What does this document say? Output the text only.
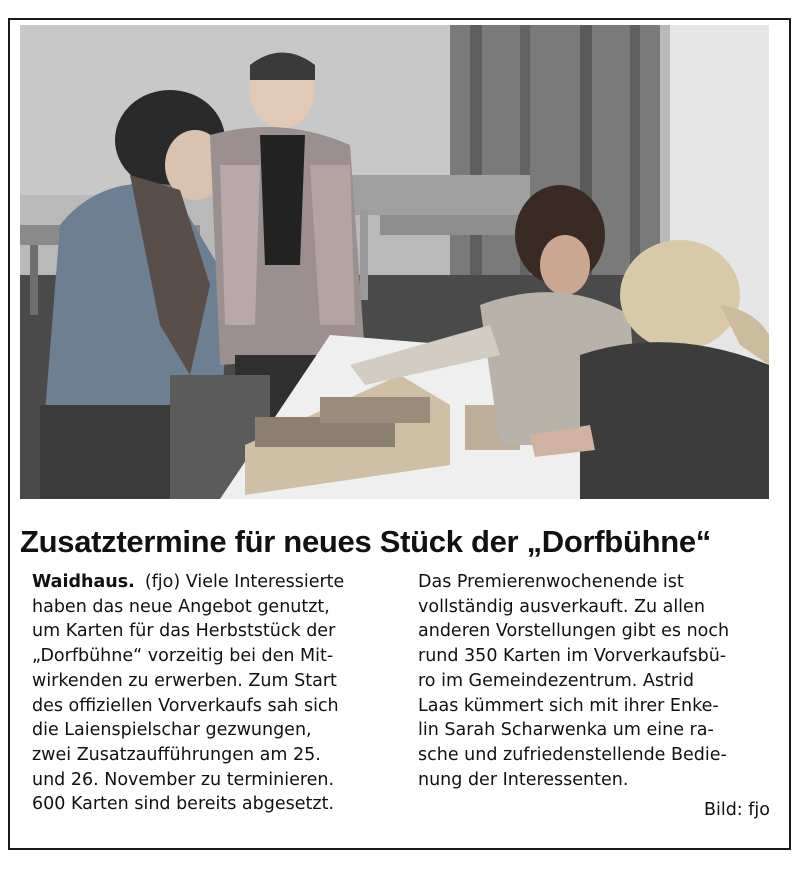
Zusatztermine für neues Stück der „Dorfbühne“
Waidhaus. (fjo) Viele Interessierte
haben das neue Angebot genutzt,
um Karten für das Herbststück der
„Dorfbühne“ vorzeitig bei den Mit-
wirkenden zu erwerben. Zum Start
des offiziellen Vorverkaufs sah sich
die Laienspielschar gezwungen,
zwei Zusatzaufführungen am 25.
und 26. November zu terminieren.
600 Karten sind bereits abgesetzt.
Das Premierenwochenende ist
vollständig ausverkauft. Zu allen
anderen Vorstellungen gibt es noch
rund 350 Karten im Vorverkaufsbü-
ro im Gemeindezentrum. Astrid
Laas kümmert sich mit ihrer Enke-
lin Sarah Scharwenka um eine ra-
sche und zufriedenstellende Bedie-
nung der Interessenten.
Bild: fjo
